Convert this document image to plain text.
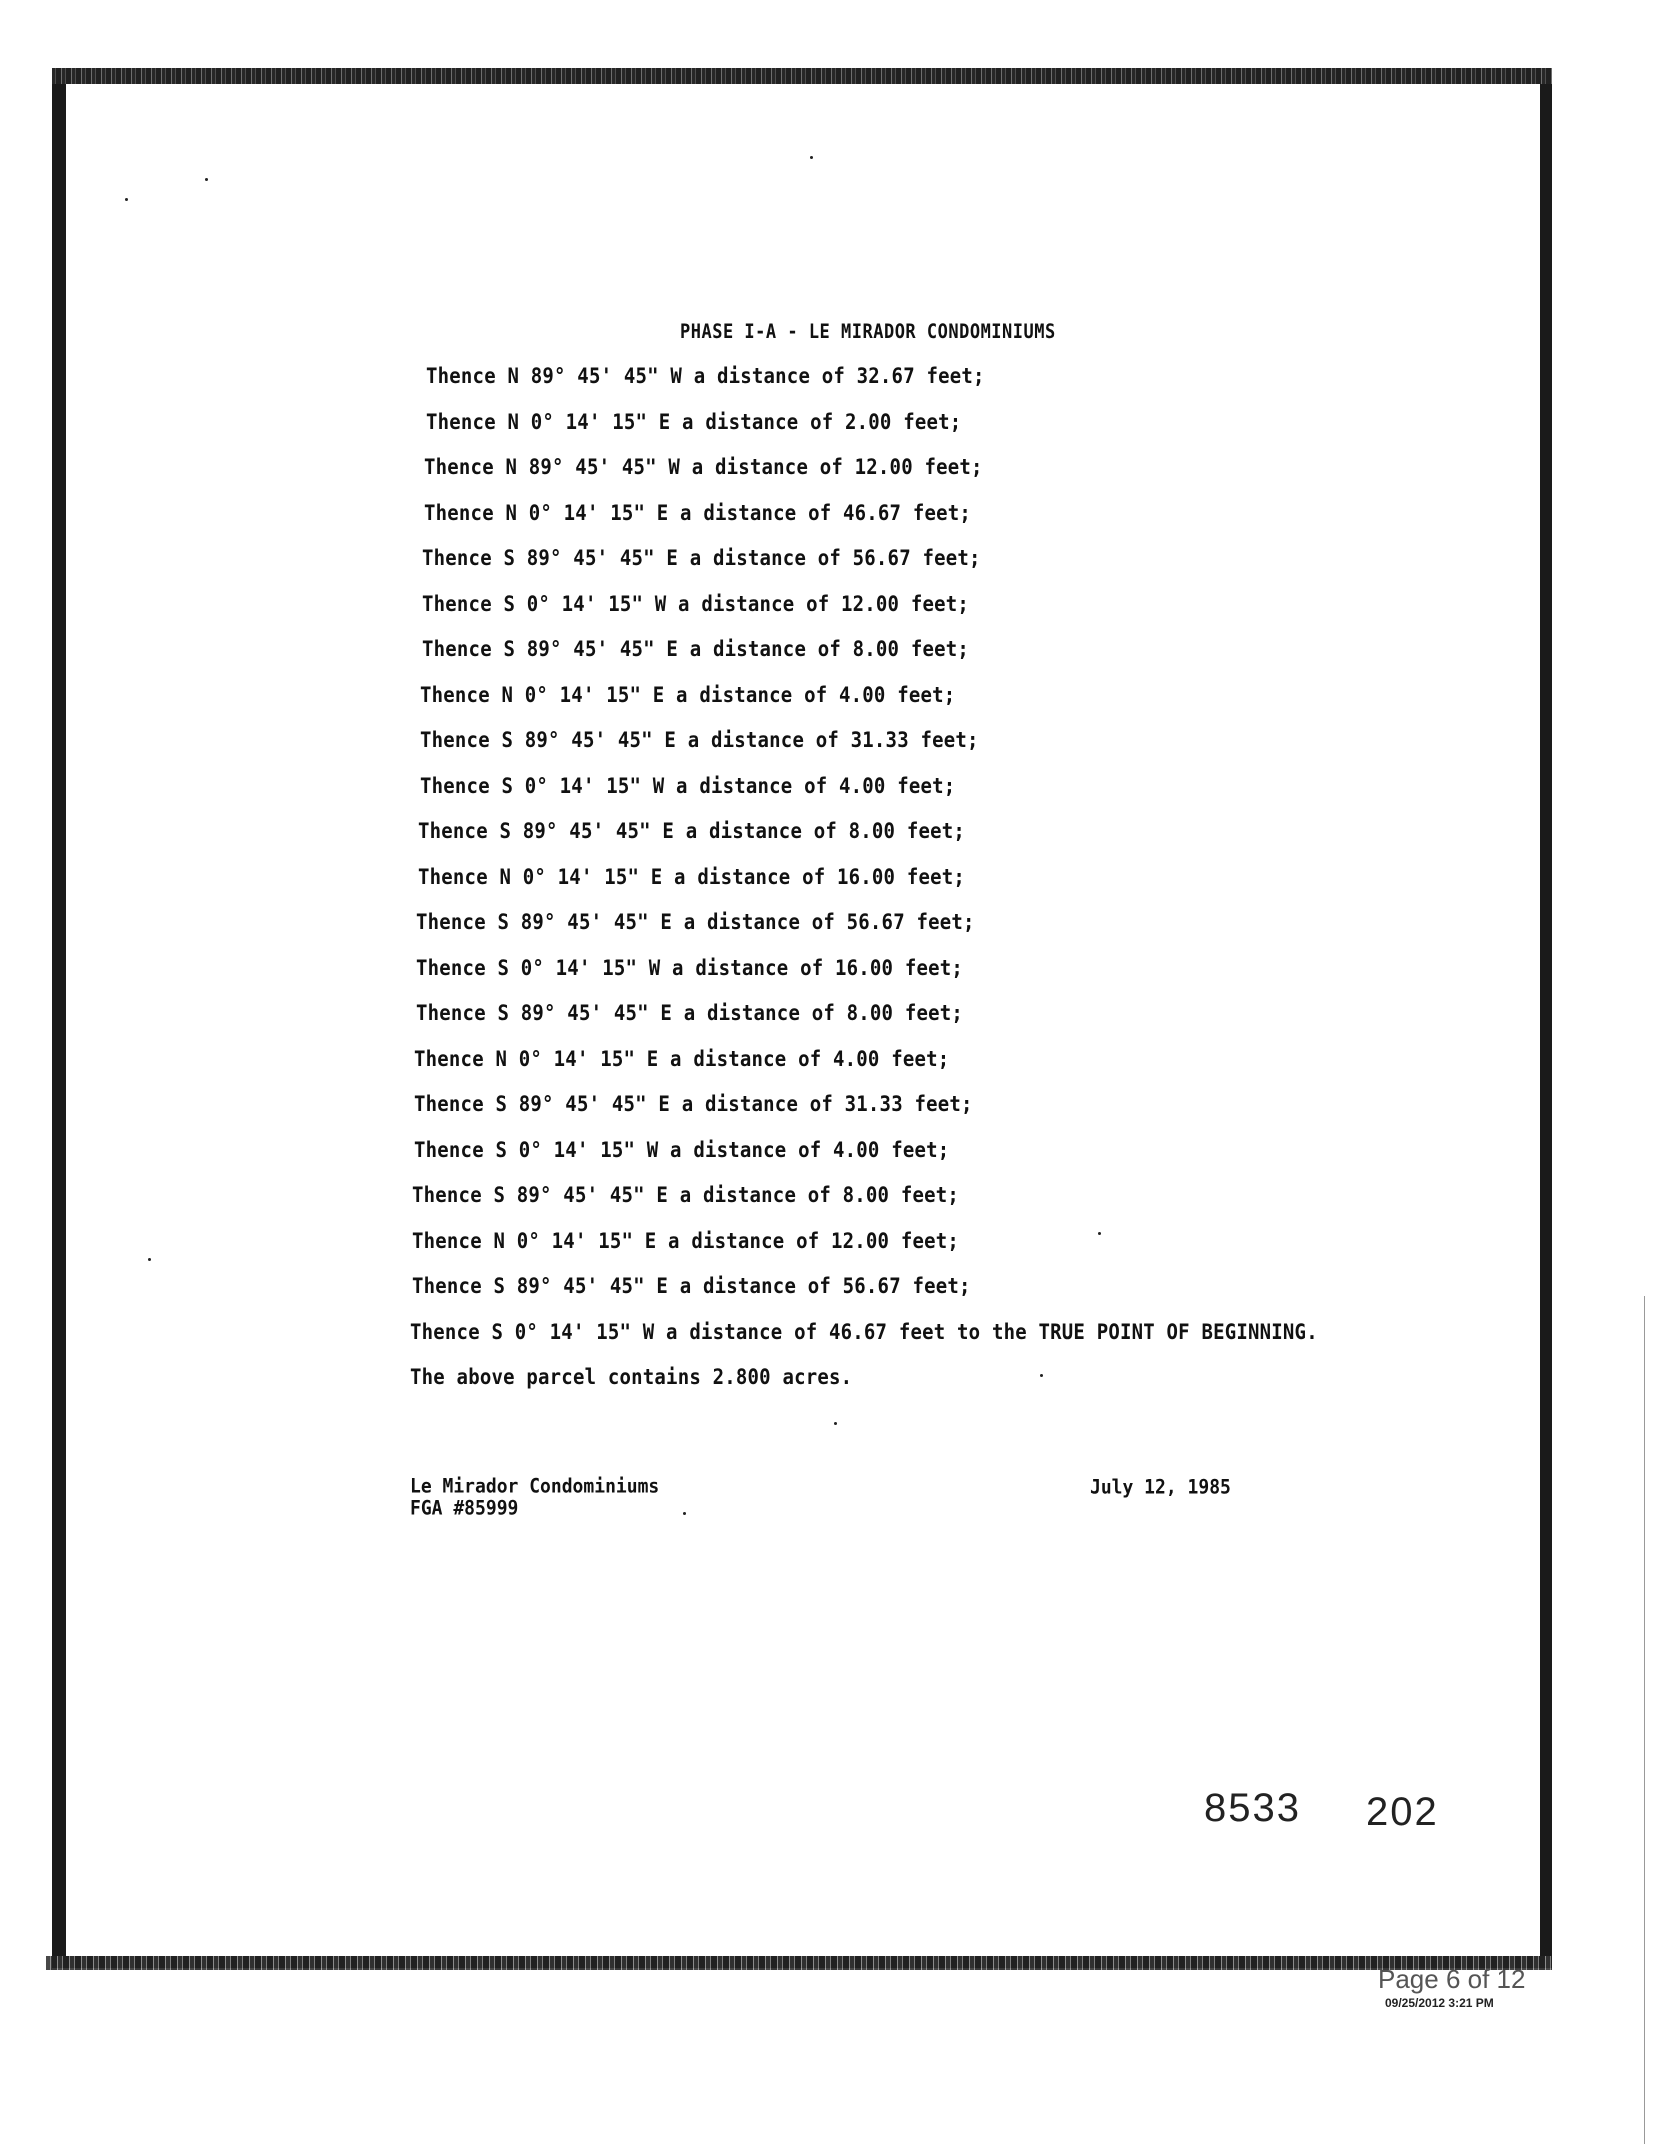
PHASE I-A - LE MIRADOR CONDOMINIUMS
Thence N 89° 45' 45" W a distance of 32.67 feet;
Thence N 0° 14' 15" E a distance of 2.00 feet;
Thence N 89° 45' 45" W a distance of 12.00 feet;
Thence N 0° 14' 15" E a distance of 46.67 feet;
Thence S 89° 45' 45" E a distance of 56.67 feet;
Thence S 0° 14' 15" W a distance of 12.00 feet;
Thence S 89° 45' 45" E a distance of 8.00 feet;
Thence N 0° 14' 15" E a distance of 4.00 feet;
Thence S 89° 45' 45" E a distance of 31.33 feet;
Thence S 0° 14' 15" W a distance of 4.00 feet;
Thence S 89° 45' 45" E a distance of 8.00 feet;
Thence N 0° 14' 15" E a distance of 16.00 feet;
Thence S 89° 45' 45" E a distance of 56.67 feet;
Thence S 0° 14' 15" W a distance of 16.00 feet;
Thence S 89° 45' 45" E a distance of 8.00 feet;
Thence N 0° 14' 15" E a distance of 4.00 feet;
Thence S 89° 45' 45" E a distance of 31.33 feet;
Thence S 0° 14' 15" W a distance of 4.00 feet;
Thence S 89° 45' 45" E a distance of 8.00 feet;
Thence N 0° 14' 15" E a distance of 12.00 feet;
Thence S 89° 45' 45" E a distance of 56.67 feet;
Thence S 0° 14' 15" W a distance of 46.67 feet to the TRUE POINT OF BEGINNING.
The above parcel contains 2.800 acres.
Le Mirador Condominiums
FGA #85999
July 12, 1985
8533 202
Page 6 of 12
09/25/2012 3:21 PM
